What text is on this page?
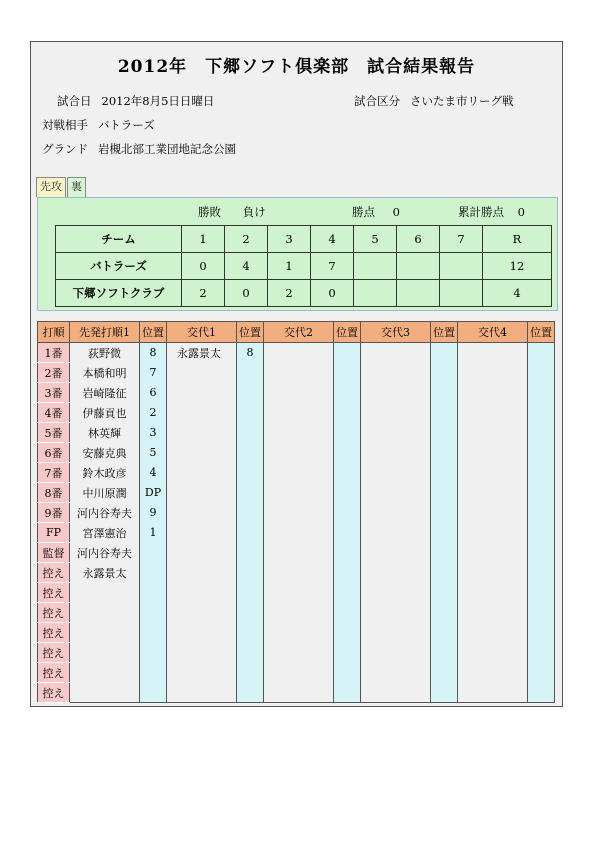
2012年　下郷ソフト倶楽部　試合結果報告
試合日 2012年8月5日日曜日	試合区分 さいたま市リーグ戦
対戦相手 バトラーズ
グランド 岩槻北部工業団地記念公園
先攻 裏
勝敗 負け	勝点 0	累計勝点 0
チーム	1	2	3	4	5	6	7	R
バトラーズ	0	4	1	7				12
下郷ソフトクラブ	2	0	2	0				4
打順	先発打順1	位置	交代1	位置	交代2	位置	交代3	位置	交代4	位置
1番	荻野微	8	永露景太	8						
2番	本橋和明	7								
3番	岩崎隆征	6								
4番	伊藤貢也	2								
5番	林英輝	3								
6番	安藤克典	5								
7番	鈴木政彦	4								
8番	中川原潤	DP								
9番	河内谷寿夫	9								
FP	宮澤憲治	1								
監督	河内谷寿夫									
控え	永露景太									
控え										
控え										
控え										
控え										
控え										
控え										
